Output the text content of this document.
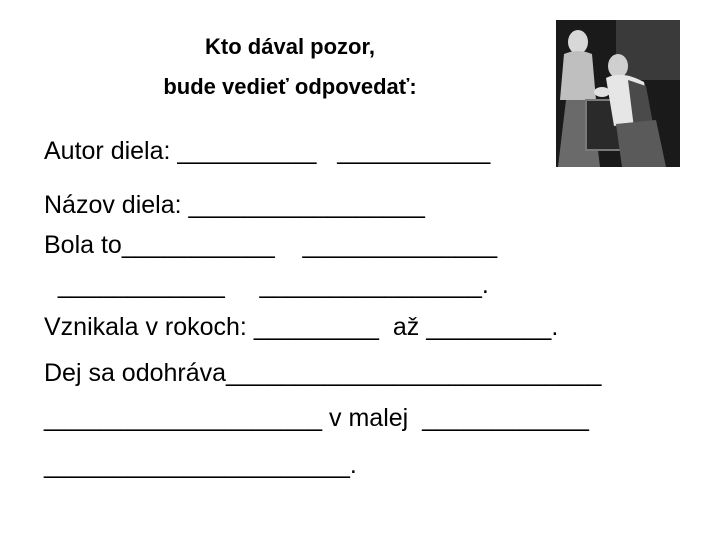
Kto dával pozor,
bude vedieť odpovedať:
Autor diela: __________   ___________
Názov diela: _________________
Bola to___________    ______________
____________     ________________.
Vznikala v rokoch: _________  až _________.
Dej sa odohráva___________________________
____________________ v malej  ____________
______________________.
